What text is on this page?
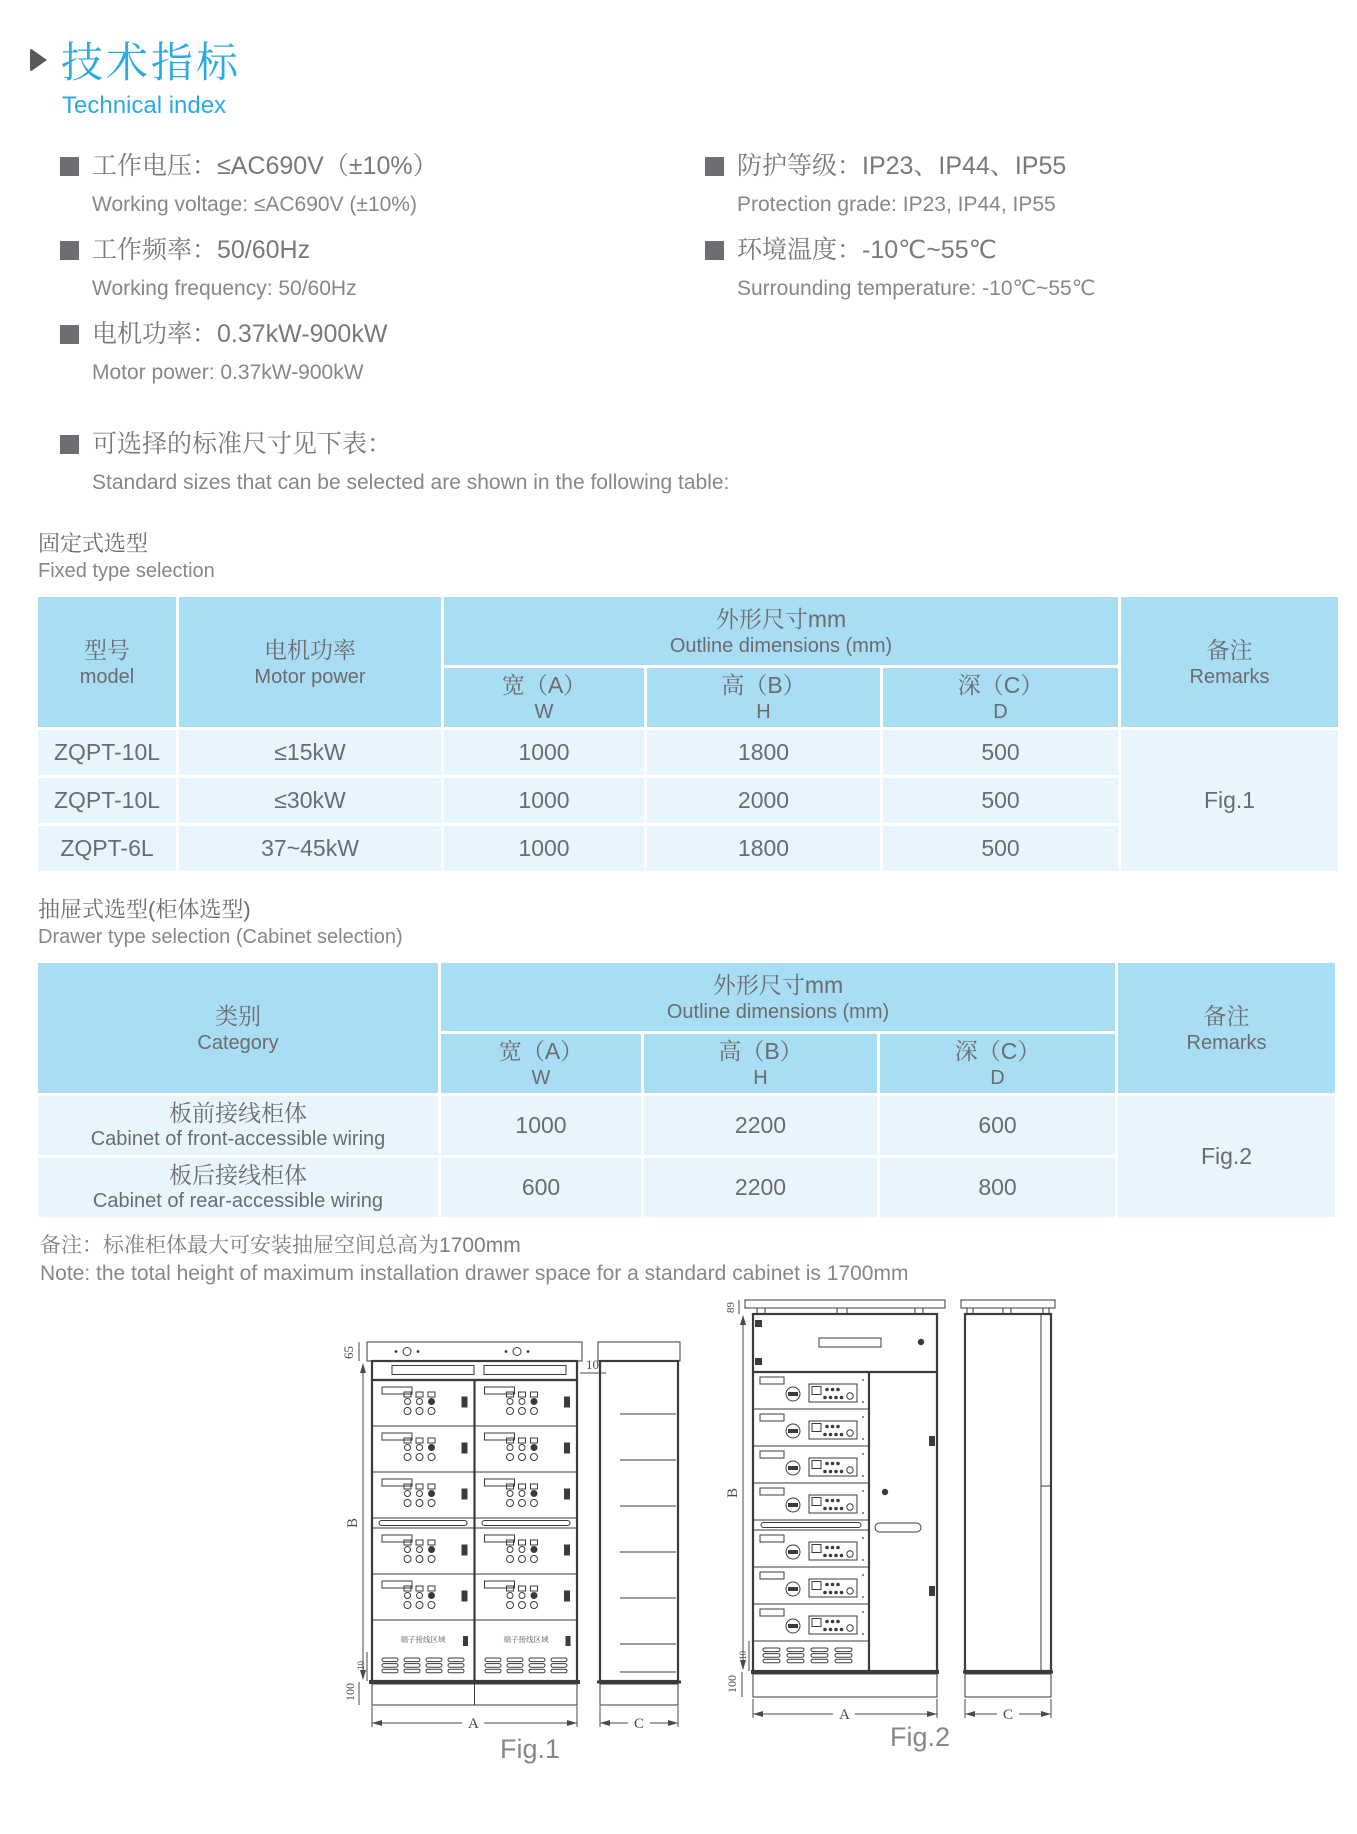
技术指标
Technical index
工作电压：≤AC690V（±10%）
Working voltage: ≤AC690V (±10%)
工作频率：50/60Hz
Working frequency: 50/60Hz
电机功率：0.37kW-900kW
Motor power: 0.37kW-900kW
防护等级：IP23、IP44、IP55
Protection grade: IP23, IP44, IP55
环境温度：-10℃~55℃
Surrounding temperature: -10℃~55℃
可选择的标准尺寸见下表：
Standard sizes that can be selected are shown in the following table:
固定式选型
Fixed type selection
型号
model	电机功率
Motor power	外形尺寸mm
Outline dimensions (mm)			备注
Remarks

		宽（A）
W	高（B）
H	深（C）
D	

ZQPT-10L	≤15kW	1000	1800	500	Fig.1
ZQPT-10L	≤30kW	1000	2000	500	
ZQPT-6L	37~45kW	1000	1800	500	
抽屉式选型(柜体选型)
Drawer type selection (Cabinet selection)
类别
Category	外形尺寸mm
Outline dimensions (mm)			备注
Remarks

	宽（A）
W	高（B）
H	深（C）
D	

板前接线柜体
Cabinet of front-accessible wiring	1000	2200	600	Fig.2

板后接线柜体
Cabinet of rear-accessible wiring	600	2200	800	
备注：标准柜体最大可安装抽屉空间总高为1700mm
Note: the total height of maximum installation drawer space for a standard cabinet is 1700mm
端子接线区域	端子接线区域
65
10
B
10
100
A	C
89
B
10
100
A	C
Fig.1	Fig.2
